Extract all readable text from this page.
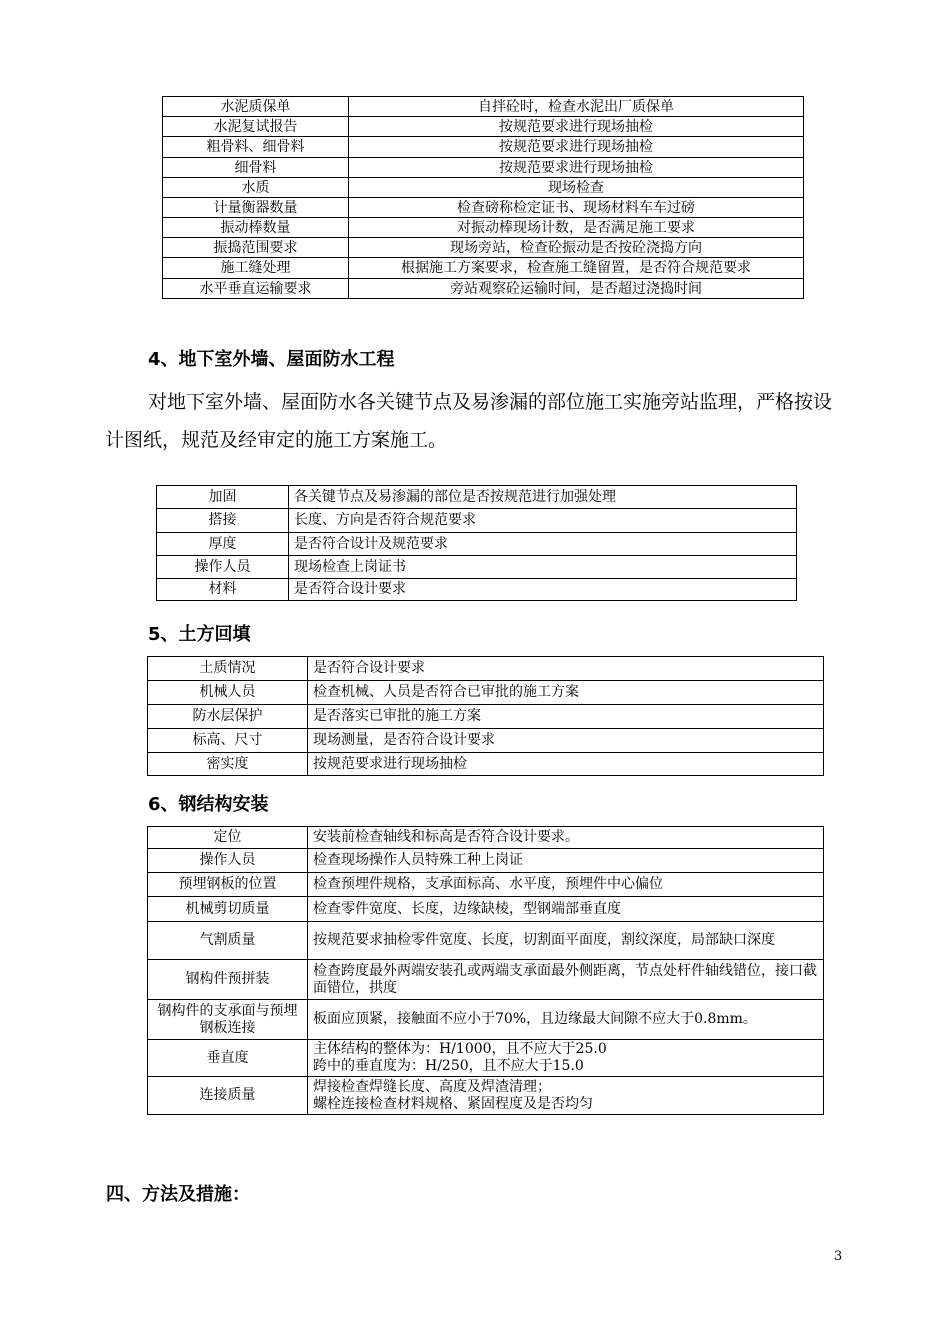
水泥质保单	自拌砼时，检查水泥出厂质保单
水泥复试报告	按规范要求进行现场抽检
粗骨料、细骨料	按规范要求进行现场抽检
细骨料	按规范要求进行现场抽检
水质	现场检查
计量衡器数量	检查磅称检定证书、现场材料车车过磅
振动棒数量	对振动棒现场计数，是否满足施工要求
振捣范围要求	现场旁站，检查砼振动是否按砼浇捣方向
施工缝处理	根据施工方案要求，检查施工缝留置，是否符合规范要求
水平垂直运输要求	旁站观察砼运输时间，是否超过浇捣时间
4、地下室外墙、屋面防水工程
对地下室外墙、屋面防水各关键节点及易渗漏的部位施工实施旁站监理，严格按设计图纸，规范及经审定的施工方案施工。
加固	各关键节点及易渗漏的部位是否按规范进行加强处理
搭接	长度、方向是否符合规范要求
厚度	是否符合设计及规范要求
操作人员	现场检查上岗证书
材料	是否符合设计要求
5、土方回填
土质情况	是否符合设计要求
机械人员	检查机械、人员是否符合已审批的施工方案
防水层保护	是否落实已审批的施工方案
标高、尺寸	现场测量，是否符合设计要求
密实度	按规范要求进行现场抽检
6、钢结构安装
定位	安装前检查轴线和标高是否符合设计要求。
操作人员	检查现场操作人员特殊工种上岗证
预埋钢板的位置	检查预埋件规格，支承面标高、水平度，预埋件中心偏位
机械剪切质量	检查零件宽度、长度，边缘缺棱，型钢端部垂直度
气割质量	按规范要求抽检零件宽度、长度，切割面平面度，割纹深度，局部缺口深度
钢构件预拼装	检查跨度最外两端安装孔或两端支承面最外侧距离，节点处杆件轴线错位，接口截面错位，拱度
钢构件的支承面与预埋钢板连接	板面应顶紧，接触面不应小于70%，且边缘最大间隙不应大于0.8mm。
垂直度	主体结构的整体为：H/1000，且不应大于25.0
跨中的垂直度为：H/250，且不应大于15.0
连接质量	焊接检查焊缝长度、高度及焊渣清理；
螺栓连接检查材料规格、紧固程度及是否均匀
四、方法及措施：
3
